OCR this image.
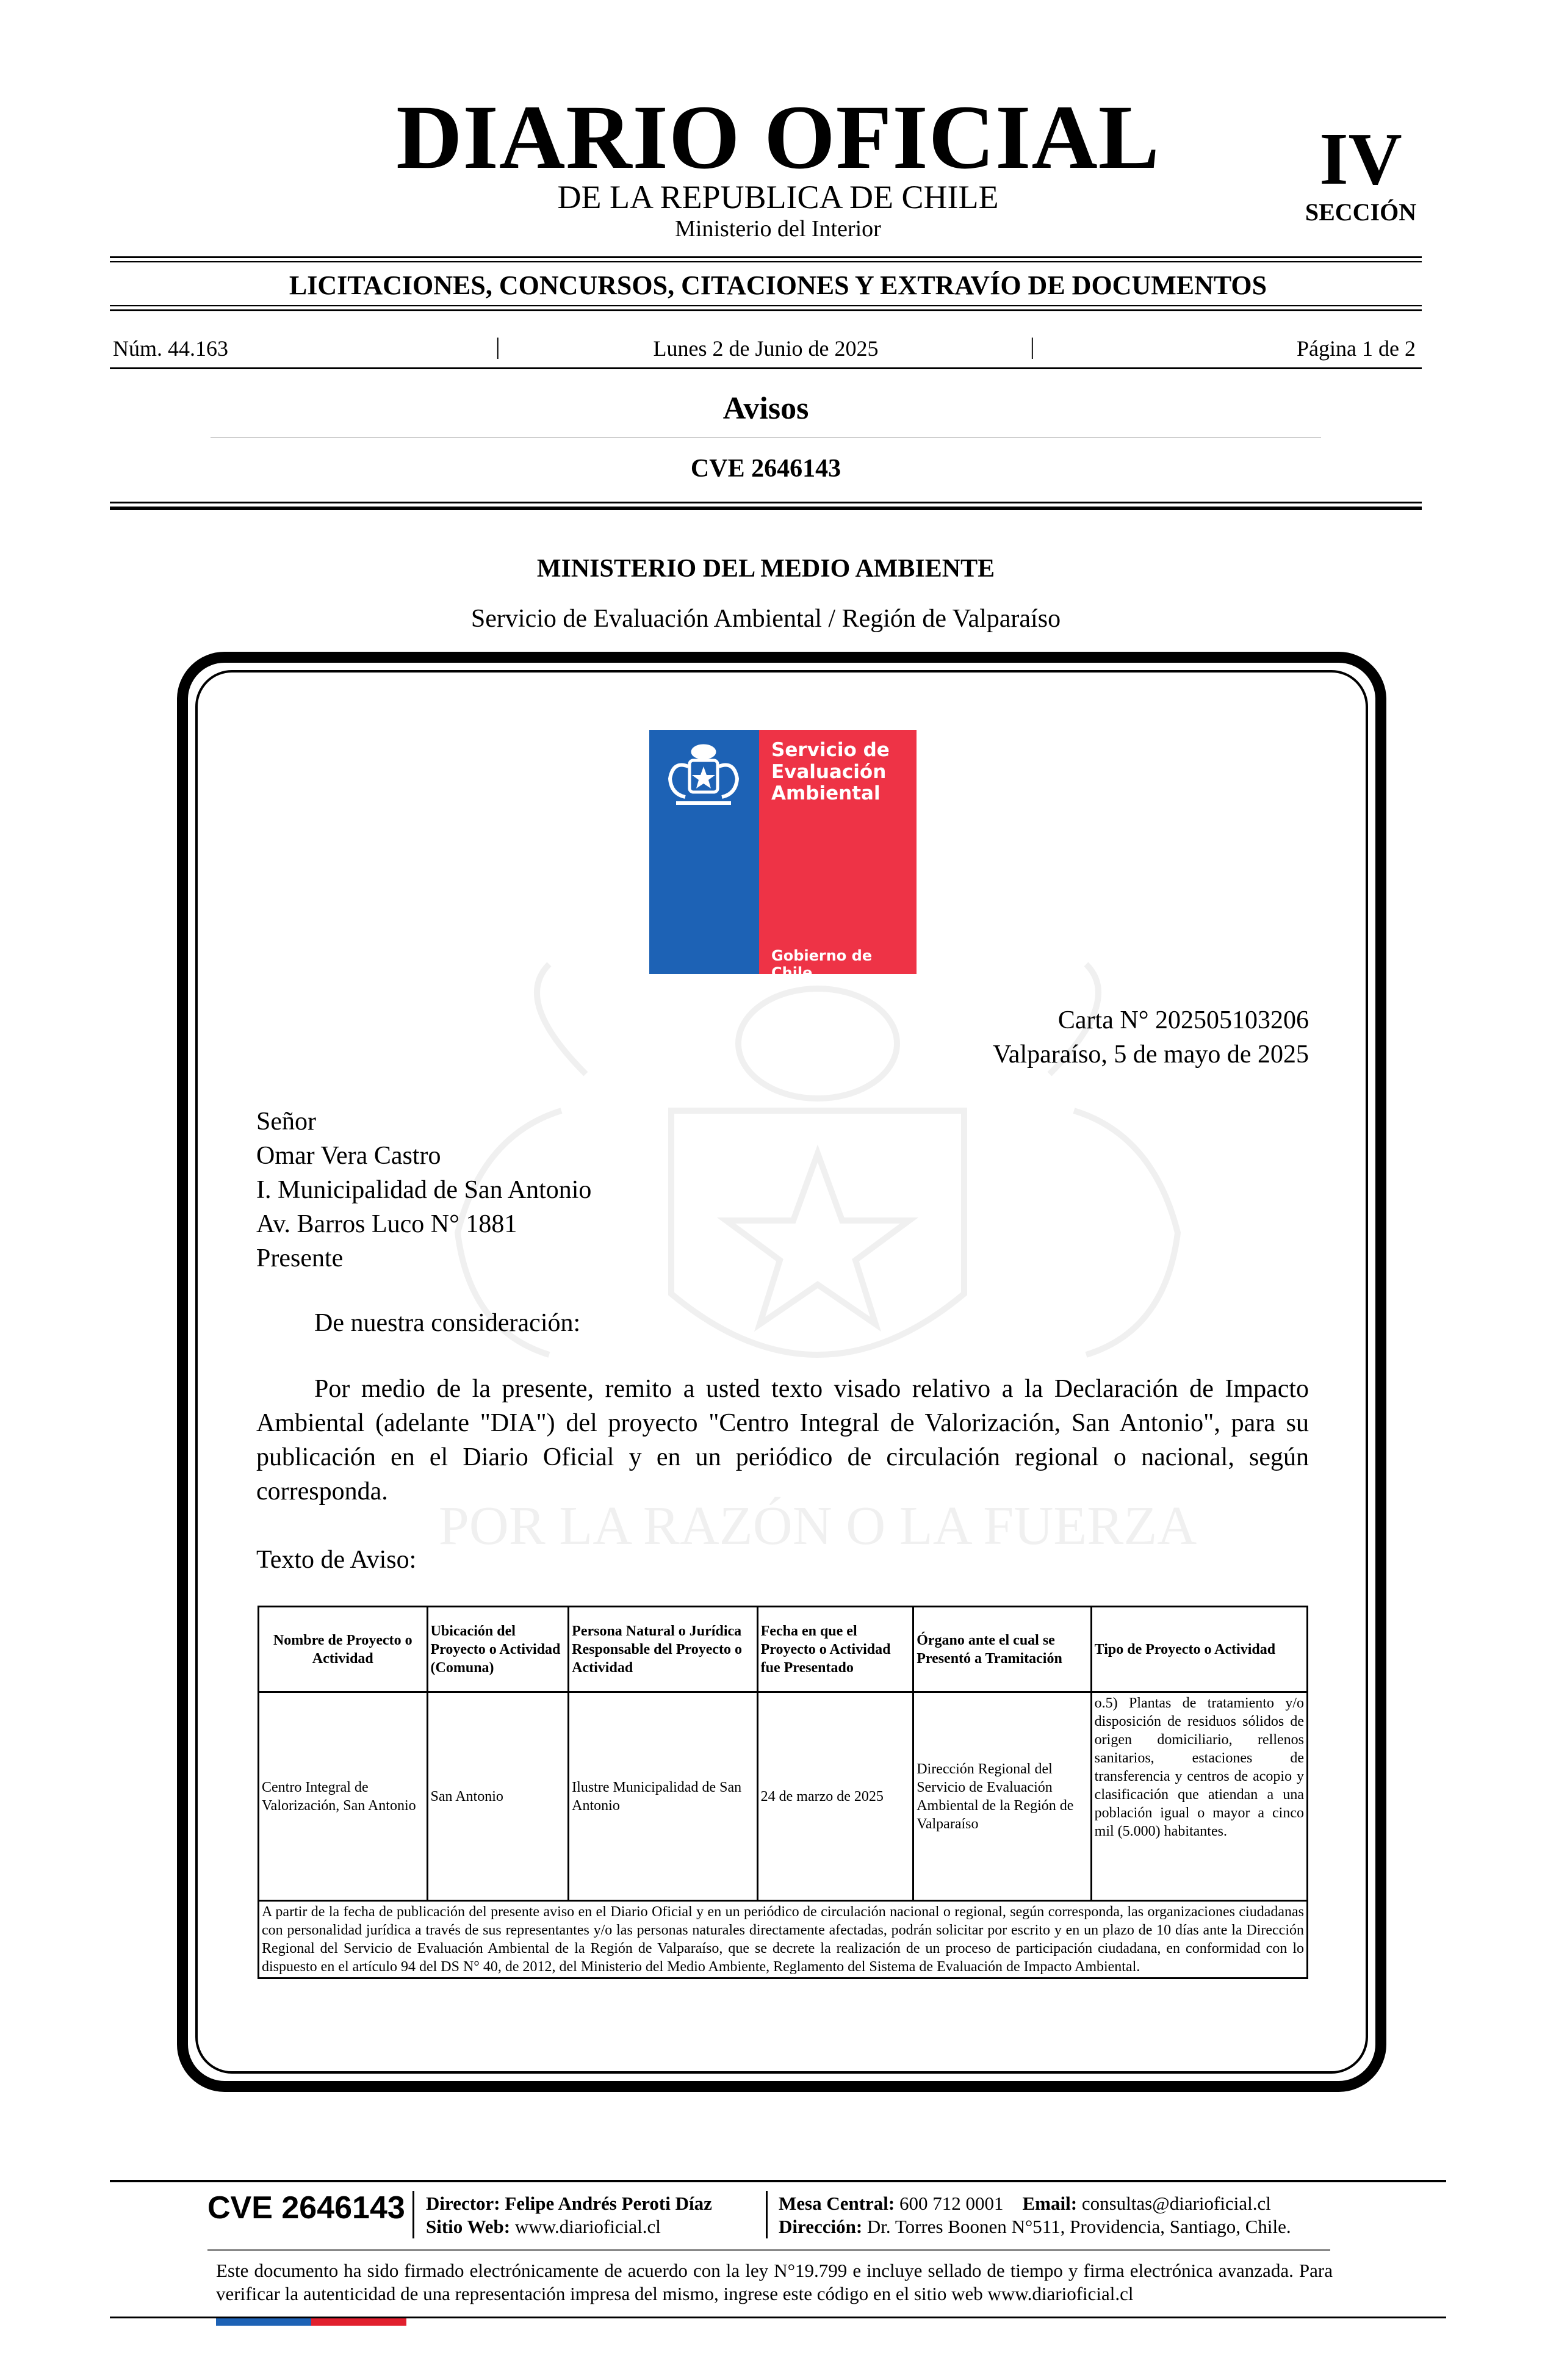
DIARIO OFICIAL
DE LA REPUBLICA DE CHILE
Ministerio del Interior
IV
SECCIÓN
LICITACIONES, CONCURSOS, CITACIONES Y EXTRAVÍO DE DOCUMENTOS
Núm. 44.163	|	Lunes 2 de Junio de 2025	|	Página 1 de 2
Avisos
CVE 2646143
MINISTERIO DEL MEDIO AMBIENTE
Servicio de Evaluación Ambiental / Región de Valparaíso
POR LA RAZÓN O LA FUERZA
Servicio de
Evaluación
Ambiental
Gobierno de Chile
Carta N° 202505103206
Valparaíso, 5 de mayo de 2025
Señor
Omar Vera Castro
I. Municipalidad de San Antonio
Av. Barros Luco N° 1881
Presente
De nuestra consideración:
Por medio de la presente, remito a usted texto visado relativo a la Declaración de Impacto Ambiental (adelante "DIA") del proyecto "Centro Integral de Valorización, San Antonio", para su publicación en el Diario Oficial y en un periódico de circulación regional o nacional, según corresponda.
Texto de Aviso:
Nombre de Proyecto o Actividad	Ubicación del Proyecto o Actividad (Comuna)	Persona Natural o Jurídica Responsable del Proyecto o Actividad	Fecha en que el Proyecto o Actividad fue Presentado	Órgano ante el cual se Presentó a Tramitación	Tipo de Proyecto o Actividad
Centro Integral de Valorización, San Antonio	San Antonio	Ilustre Municipalidad de San Antonio	24 de marzo de 2025	Dirección Regional del Servicio de Evaluación Ambiental de la Región de Valparaíso	o.5) Plantas de tratamiento y/o disposición de residuos sólidos de origen domiciliario, rellenos sanitarios, estaciones de transferencia y centros de acopio y clasificación que atiendan a una población igual o mayor a cinco mil (5.000) habitantes.
A partir de la fecha de publicación del presente aviso en el Diario Oficial y en un periódico de circulación nacional o regional, según corresponda, las organizaciones ciudadanas con personalidad jurídica a través de sus representantes y/o las personas naturales directamente afectadas, podrán solicitar por escrito y en un plazo de 10 días ante la Dirección Regional del Servicio de Evaluación Ambiental de la Región de Valparaíso, que se decrete la realización de un proceso de participación ciudadana, en conformidad con lo dispuesto en el artículo 94 del DS N° 40, de 2012, del Ministerio del Medio Ambiente, Reglamento del Sistema de Evaluación de Impacto Ambiental.					
CVE 2646143 Director: Felipe Andrés Peroti Díaz
Sitio Web: www.diarioficial.cl
Mesa Central: 600 712 0001 Email: consultas@diarioficial.cl
Dirección: Dr. Torres Boonen N°511, Providencia, Santiago, Chile.
Este documento ha sido firmado electrónicamente de acuerdo con la ley N°19.799 e incluye sellado de tiempo y firma electrónica avanzada. Para verificar la autenticidad de una representación impresa del mismo, ingrese este código en el sitio web www.diarioficial.cl
